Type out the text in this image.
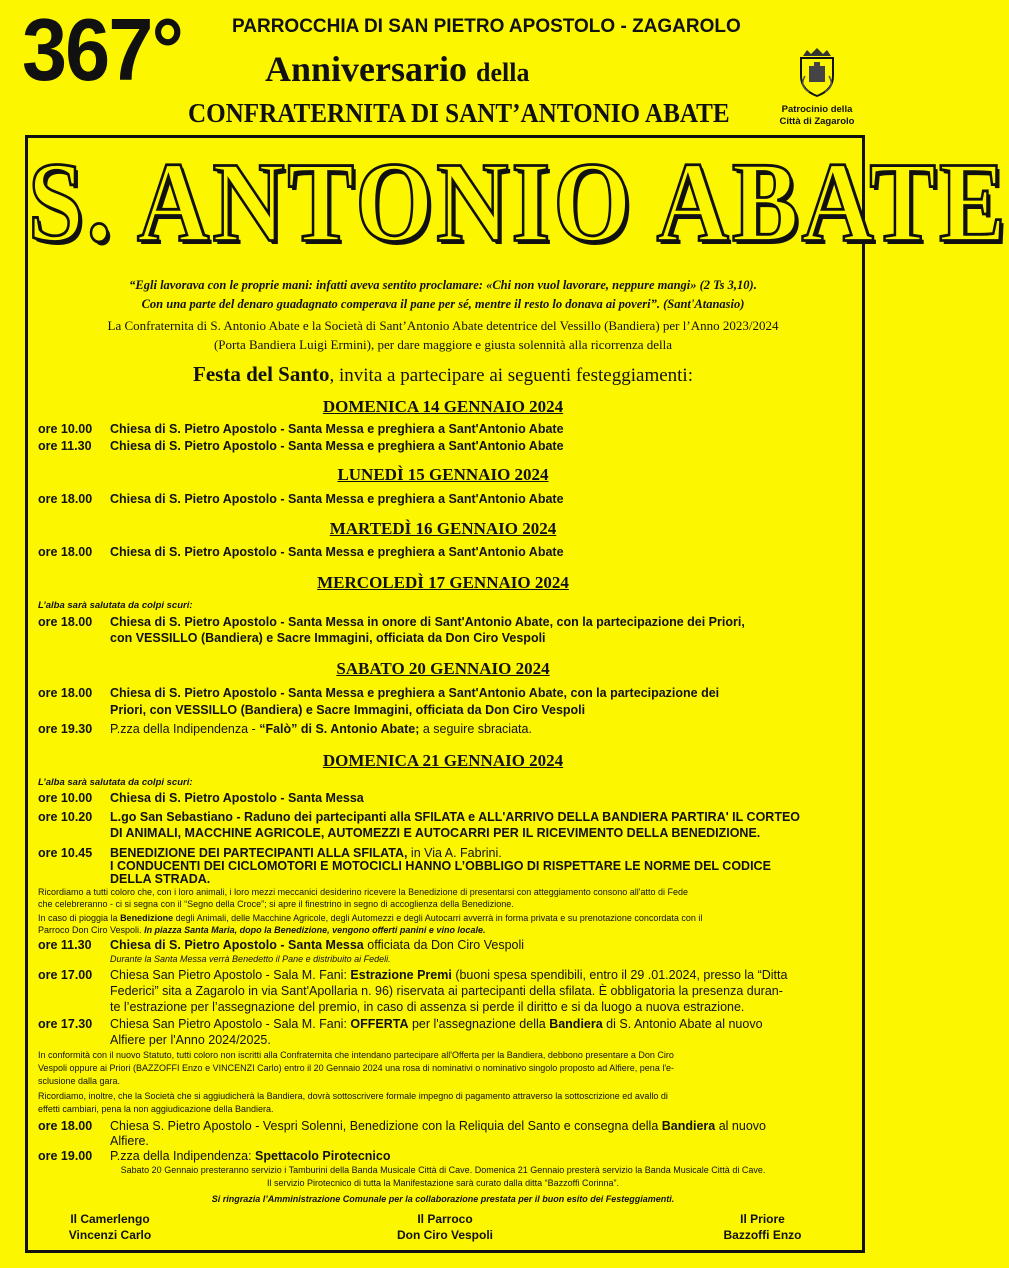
367°	PARROCCHIA DI SAN PIETRO APOSTOLO - ZAGAROLO
Anniversario della
CONFRATERNITA DI SANT’ANTONIO ABATE	Patrocinio della
Città di Zagarolo
S. ANTONIO ABATE
“Egli lavorava con le proprie mani: infatti aveva sentito proclamare: «Chi non vuol lavorare, neppure mangi» (2 Ts 3,10).
Con una parte del denaro guadagnato comperava il pane per sé, mentre il resto lo donava ai poveri”. (Sant'Atanasio)
La Confraternita di S. Antonio Abate e la Società di Sant’Antonio Abate detentrice del Vessillo (Bandiera) per l’Anno 2023/2024
(Porta Bandiera Luigi Ermini), per dare maggiore e giusta solennità alla ricorrenza della
Festa del Santo, invita a partecipare ai seguenti festeggiamenti:
DOMENICA 14 GENNAIO 2024
ore 10.00 Chiesa di S. Pietro Apostolo - Santa Messa e preghiera a Sant'Antonio Abate
ore 11.30 Chiesa di S. Pietro Apostolo - Santa Messa e preghiera a Sant'Antonio Abate
LUNEDÌ 15 GENNAIO 2024
ore 18.00 Chiesa di S. Pietro Apostolo - Santa Messa e preghiera a Sant'Antonio Abate
MARTEDÌ 16 GENNAIO 2024
ore 18.00 Chiesa di S. Pietro Apostolo - Santa Messa e preghiera a Sant'Antonio Abate
MERCOLEDÌ 17 GENNAIO 2024
L’alba sarà salutata da colpi scuri:
ore 18.00 Chiesa di S. Pietro Apostolo - Santa Messa in onore di Sant'Antonio Abate, con la partecipazione dei Priori,
con VESSILLO (Bandiera) e Sacre Immagini, officiata da Don Ciro Vespoli
SABATO 20 GENNAIO 2024
ore 18.00 Chiesa di S. Pietro Apostolo - Santa Messa e preghiera a Sant'Antonio Abate, con la partecipazione dei
Priori, con VESSILLO (Bandiera) e Sacre Immagini, officiata da Don Ciro Vespoli
ore 19.30 P.zza della Indipendenza - “Falò” di S. Antonio Abate; a seguire sbraciata.
DOMENICA 21 GENNAIO 2024
L’alba sarà salutata da colpi scuri:
ore 10.00 Chiesa di S. Pietro Apostolo - Santa Messa
ore 10.20 L.go San Sebastiano - Raduno dei partecipanti alla SFILATA e ALL'ARRIVO DELLA BANDIERA PARTIRA' IL CORTEO
DI ANIMALI, MACCHINE AGRICOLE, AUTOMEZZI E AUTOCARRI PER IL RICEVIMENTO DELLA BENEDIZIONE.
ore 10.45 BENEDIZIONE DEI PARTECIPANTI ALLA SFILATA, in Via A. Fabrini.
I CONDUCENTI DEI CICLOMOTORI E MOTOCICLI HANNO L’OBBLIGO DI RISPETTARE LE NORME DEL CODICE
DELLA STRADA.
Ricordiamo a tutti coloro che, con i loro animali, i loro mezzi meccanici desiderino ricevere la Benedizione di presentarsi con atteggiamento consono all'atto di Fede
che celebreranno - ci si segna con il “Segno della Croce”; si apre il finestrino in segno di accoglienza della Benedizione.
In caso di pioggia la Benedizione degli Animali, delle Macchine Agricole, degli Automezzi e degli Autocarri avverrà in forma privata e su prenotazione concordata con il
Parroco Don Ciro Vespoli. In piazza Santa Maria, dopo la Benedizione, vengono offerti panini e vino locale.
ore 11.30 Chiesa di S. Pietro Apostolo - Santa Messa officiata da Don Ciro Vespoli
Durante la Santa Messa verrà Benedetto il Pane e distribuito ai Fedeli.
ore 17.00 Chiesa San Pietro Apostolo - Sala M. Fani: Estrazione Premi (buoni spesa spendibili, entro il 29 .01.2024, presso la “Ditta
Federici” sita a Zagarolo in via Sant'Apollaria n. 96) riservata ai partecipanti della sfilata. È obbligatoria la presenza duran-
te l’estrazione per l’assegnazione del premio, in caso di assenza si perde il diritto e si da luogo a nuova estrazione.
ore 17.30 Chiesa San Pietro Apostolo - Sala M. Fani: OFFERTA per l'assegnazione della Bandiera di S. Antonio Abate al nuovo
Alfiere per l'Anno 2024/2025.
In conformità con il nuovo Statuto, tutti coloro non iscritti alla Confraternita che intendano partecipare all'Offerta per la Bandiera, debbono presentare a Don Ciro
Vespoli oppure ai Priori (BAZZOFFI Enzo e VINCENZI Carlo) entro il 20 Gennaio 2024 una rosa di nominativi o nominativo singolo proposto ad Alfiere, pena l'e-
sclusione dalla gara.
Ricordiamo, inoltre, che la Società che si aggiudicherà la Bandiera, dovrà sottoscrivere formale impegno di pagamento attraverso la sottoscrizione ed avallo di
effetti cambiari, pena la non aggiudicazione della Bandiera.
ore 18.00 Chiesa S. Pietro Apostolo - Vespri Solenni, Benedizione con la Reliquia del Santo e consegna della Bandiera al nuovo
Alfiere.
ore 19.00 P.zza della Indipendenza: Spettacolo Pirotecnico
Sabato 20 Gennaio presteranno servizio i Tamburini della Banda Musicale Città di Cave. Domenica 21 Gennaio presterà servizio la Banda Musicale Città di Cave.
Il servizio Pirotecnico di tutta la Manifestazione sarà curato dalla ditta “Bazzoffi Corinna”.
Si ringrazia l’Amministrazione Comunale per la collaborazione prestata per il buon esito dei Festeggiamenti.
Il Camerlengo
Vincenzi Carlo
Il Parroco
Don Ciro Vespoli
Il Priore
Bazzoffi Enzo
